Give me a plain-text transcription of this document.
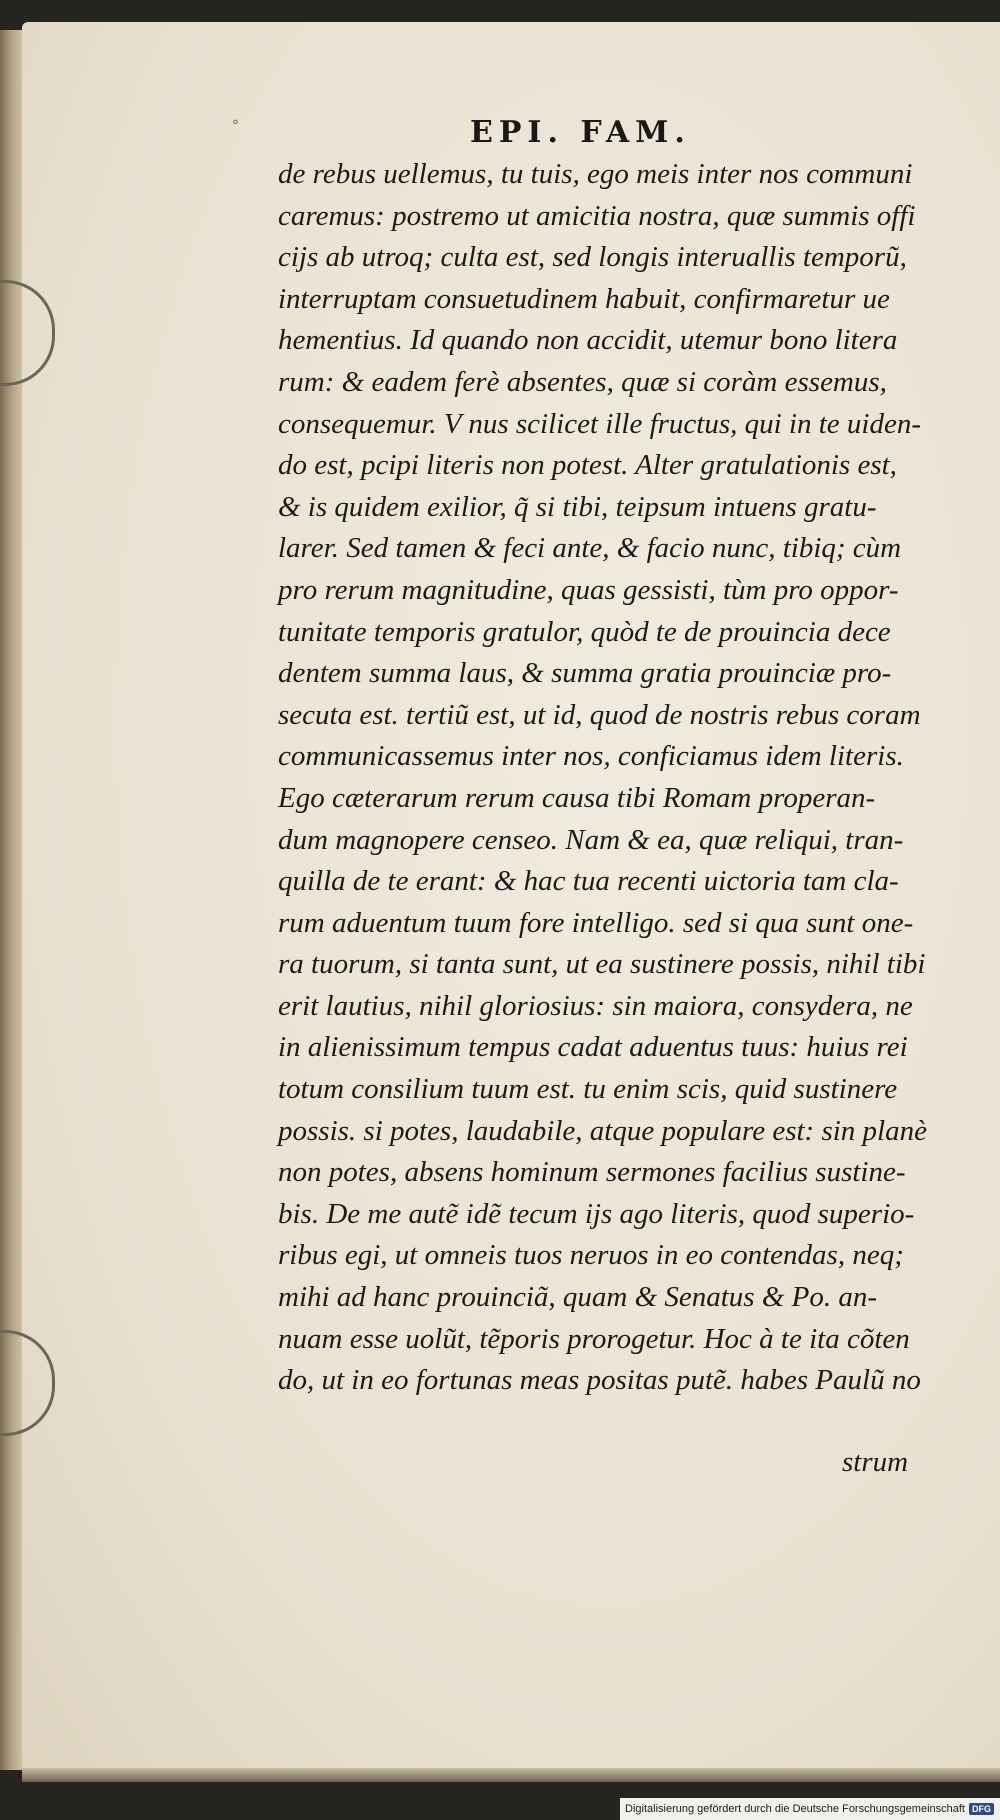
°	EPI. FAM.
de rebus uellemus, tu tuis, ego meis inter nos communi
caremus: postremo ut amicitia nostra, quæ summis offi
cijs ab utroq; culta est, sed longis interuallis temporũ,
interruptam consuetudinem habuit, confirmaretur ue
hementius. Id quando non accidit, utemur bono litera
rum: & eadem ferè absentes, quæ si coràm essemus,
consequemur. V nus scilicet ille fructus, qui in te uiden-
do est, pcipi literis non potest. Alter gratulationis est,
& is quidem exilior, q̃ si tibi, teipsum intuens gratu-
larer. Sed tamen & feci ante, & facio nunc, tibiq; cùm
pro rerum magnitudine, quas gessisti, tùm pro oppor-
tunitate temporis gratulor, quòd te de prouincia dece
dentem summa laus, & summa gratia prouinciæ pro-
secuta est. tertiũ est, ut id, quod de nostris rebus coram
communicassemus inter nos, conficiamus idem literis.
Ego cæterarum rerum causa tibi Romam properan-
dum magnopere censeo. Nam & ea, quæ reliqui, tran-
quilla de te erant: & hac tua recenti uictoria tam cla-
rum aduentum tuum fore intelligo. sed si qua sunt one-
ra tuorum, si tanta sunt, ut ea sustinere possis, nihil tibi
erit lautius, nihil gloriosius: sin maiora, consydera, ne
in alienissimum tempus cadat aduentus tuus: huius rei
totum consilium tuum est. tu enim scis, quid sustinere
possis. si potes, laudabile, atque populare est: sin planè
non potes, absens hominum sermones facilius sustine-
bis. De me autẽ idẽ tecum ijs ago literis, quod superio-
ribus egi, ut omneis tuos neruos in eo contendas, neq;
mihi ad hanc prouinciã, quam & Senatus & Po. an-
nuam esse uolũt, tẽporis prorogetur. Hoc à te ita cõten
do, ut in eo fortunas meas positas putẽ. habes Paulũ no
strum
Digitalisierung gefördert durch die Deutsche Forschungsgemeinschaft DFG
